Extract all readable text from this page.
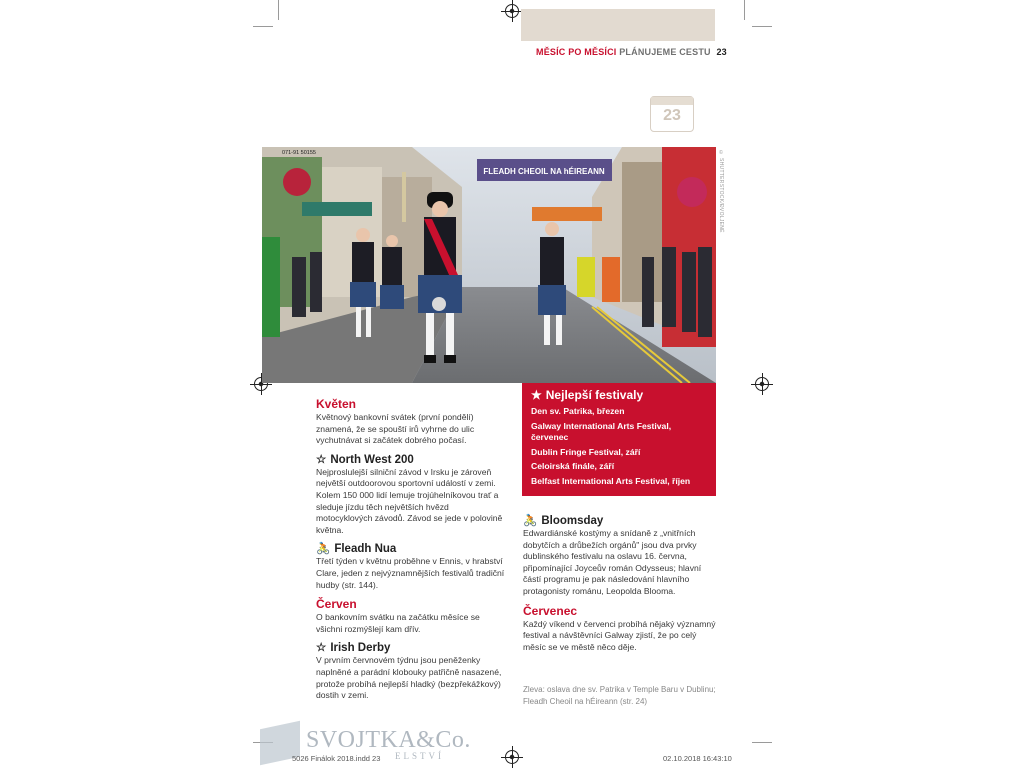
MĚSÍC PO MĚSÍCI PLÁNUJEME CESTU 23
23
FLEADH CHEOIL NA hÉIREANN
071-91 50155	© SHUTTERSTOCK/ÐVOLJENÉ
Květen

Květnový bankovní svátek (první pondělí) znamená, že se spouští irů vyhrne do ulic vychutnávat si začátek dobrého počasí.

☆ North West 200

Nejproslulejší silniční závod v Irsku je zároveň největší outdoorovou sportovní událostí v zemi. Kolem 150 000 lidí lemuje trojúhelníkovou trať a sleduje jízdu těch největších hvězd motocyklových závodů. Závod se jede v polovině května.

🚴 Fleadh Nua

Třetí týden v květnu proběhne v Ennis, v hrabství Clare, jeden z nejvýznamnějších festivalů tradiční hudby (str. 144).

Červen

O bankovním svátku na začátku měsíce se všichni rozmýšlejí kam dřív.

☆ Irish Derby

V prvním červnovém týdnu jsou peněženky naplněné a parádní klobouky patřičně nasazené, protože probíhá nejlepší hladký (bezpřekážkový) dostih v zemi.

★ Nejlepší festivaly
Den sv. Patrika, březen
Galway International Arts Festival, červenec
Dublin Fringe Festival, září
Celoirská finále, září
Belfast International Arts Festival, říjen
🚴 Bloomsday

Edwardiánské kostýmy a snídaně z „vnitřních dobytčích a drůbežích orgánů" jsou dva prvky dublinského festivalu na oslavu 16. června, připomínající Joyceův román Odysseus; hlavní částí programu je pak následování hlavního protagonisty románu, Leopolda Blooma.

Červenec

Každý víkend v červenci probíhá nějaký významný festival a návštěvníci Galway zjistí, že po celý měsíc se ve městě něco děje.

Zleva: oslava dne sv. Patrika v Temple Baru v Dublinu; Fleadh Cheoil na hÉireann (str. 24)
SVOJTKA&Co.
ELSTVÍ
5026 Finálok 2018.indd 23	02.10.2018 16:43:10
